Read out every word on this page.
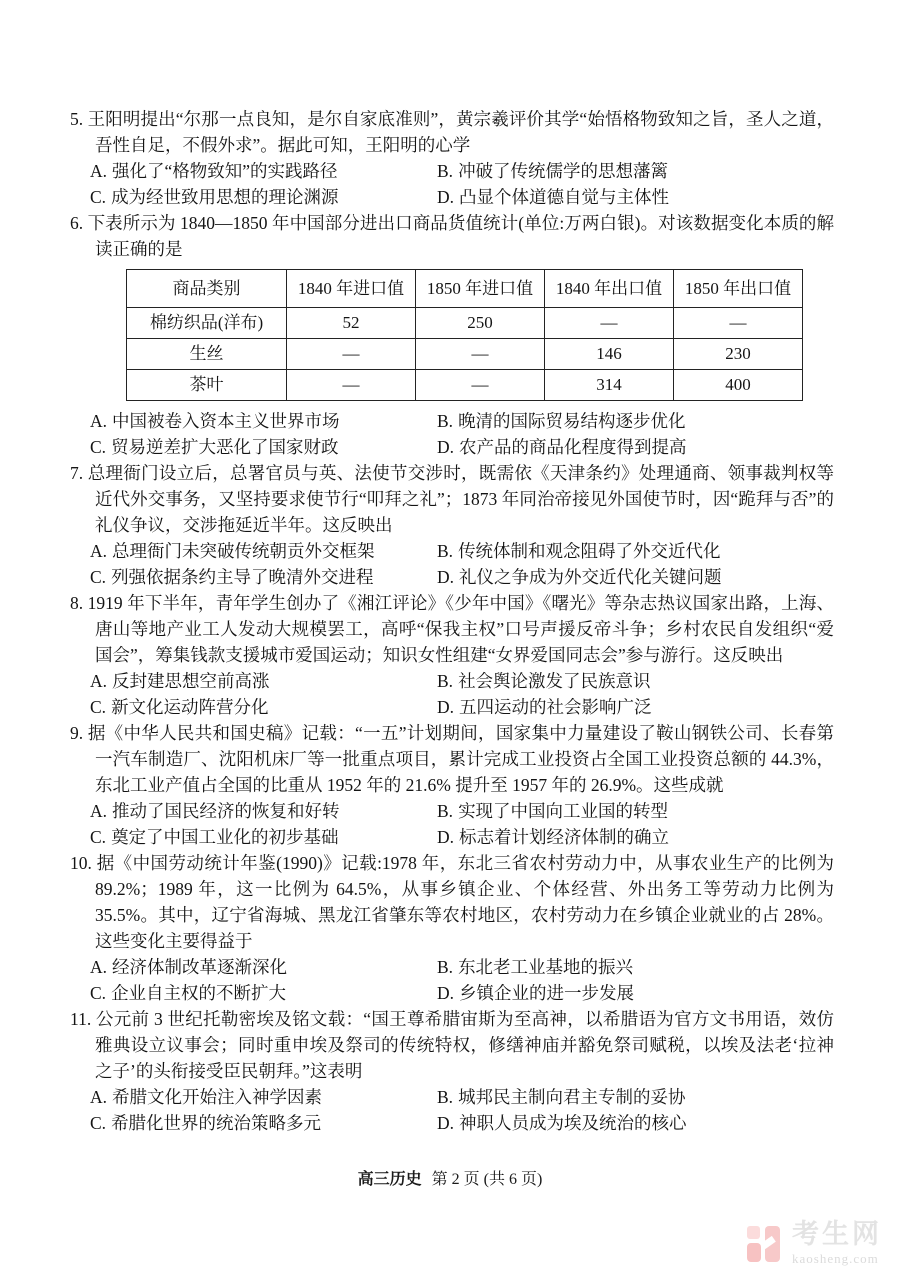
5. 王阳明提出“尔那一点良知，是尔自家底准则”，黄宗羲评价其学“始悟格物致知之旨，圣人之道，吾性自足，不假外求”。据此可知，王阳明的心学

A. 强化了“格物致知”的实践路径	B. 冲破了传统儒学的思想藩篱
C. 成为经世致用思想的理论渊源	D. 凸显个体道德自觉与主体性

6. 下表所示为 1840—1850 年中国部分进出口商品货值统计(单位:万两白银)。对该数据变化本质的解读正确的是

商品类别	1840 年进口值	1850 年进口值	1840 年出口值	1850 年出口值
棉纺织品(洋布)	52	250	—	—
生丝	—	—	146	230
茶叶	—	—	314	400
A. 中国被卷入资本主义世界市场	B. 晚清的国际贸易结构逐步优化
C. 贸易逆差扩大恶化了国家财政	D. 农产品的商品化程度得到提高

7. 总理衙门设立后，总署官员与英、法使节交涉时，既需依《天津条约》处理通商、领事裁判权等近代外交事务，又坚持要求使节行“叩拜之礼”；1873 年同治帝接见外国使节时，因“跪拜与否”的礼仪争议，交涉拖延近半年。这反映出

A. 总理衙门未突破传统朝贡外交框架	B. 传统体制和观念阻碍了外交近代化
C. 列强依据条约主导了晚清外交进程	D. 礼仪之争成为外交近代化关键问题

8. 1919 年下半年，青年学生创办了《湘江评论》《少年中国》《曙光》等杂志热议国家出路，上海、唐山等地产业工人发动大规模罢工，高呼“保我主权”口号声援反帝斗争；乡村农民自发组织“爱国会”，筹集钱款支援城市爱国运动；知识女性组建“女界爱国同志会”参与游行。这反映出

A. 反封建思想空前高涨	B. 社会舆论激发了民族意识
C. 新文化运动阵营分化	D. 五四运动的社会影响广泛

9. 据《中华人民共和国史稿》记载：“一五”计划期间，国家集中力量建设了鞍山钢铁公司、长春第一汽车制造厂、沈阳机床厂等一批重点项目，累计完成工业投资占全国工业投资总额的 44.3%，东北工业产值占全国的比重从 1952 年的 21.6% 提升至 1957 年的 26.9%。这些成就

A. 推动了国民经济的恢复和好转	B. 实现了中国向工业国的转型
C. 奠定了中国工业化的初步基础	D. 标志着计划经济体制的确立

10. 据《中国劳动统计年鉴(1990)》记载:1978 年，东北三省农村劳动力中，从事农业生产的比例为 89.2%；1989 年，这一比例为 64.5%，从事乡镇企业、个体经营、外出务工等劳动力比例为 35.5%。其中，辽宁省海城、黑龙江省肇东等农村地区，农村劳动力在乡镇企业就业的占 28%。这些变化主要得益于

A. 经济体制改革逐渐深化	B. 东北老工业基地的振兴
C. 企业自主权的不断扩大	D. 乡镇企业的进一步发展

11. 公元前 3 世纪托勒密埃及铭文载：“国王尊希腊宙斯为至高神，以希腊语为官方文书用语，效仿雅典设立议事会；同时重申埃及祭司的传统特权，修缮神庙并豁免祭司赋税，以埃及法老‘拉神之子’的头衔接受臣民朝拜。”这表明

A. 希腊文化开始注入神学因素	B. 城邦民主制向君主专制的妥协
C. 希腊化世界的统治策略多元	D. 神职人员成为埃及统治的核心
高三历史 第 2 页 (共 6 页)
考生网
kaosheng.com
